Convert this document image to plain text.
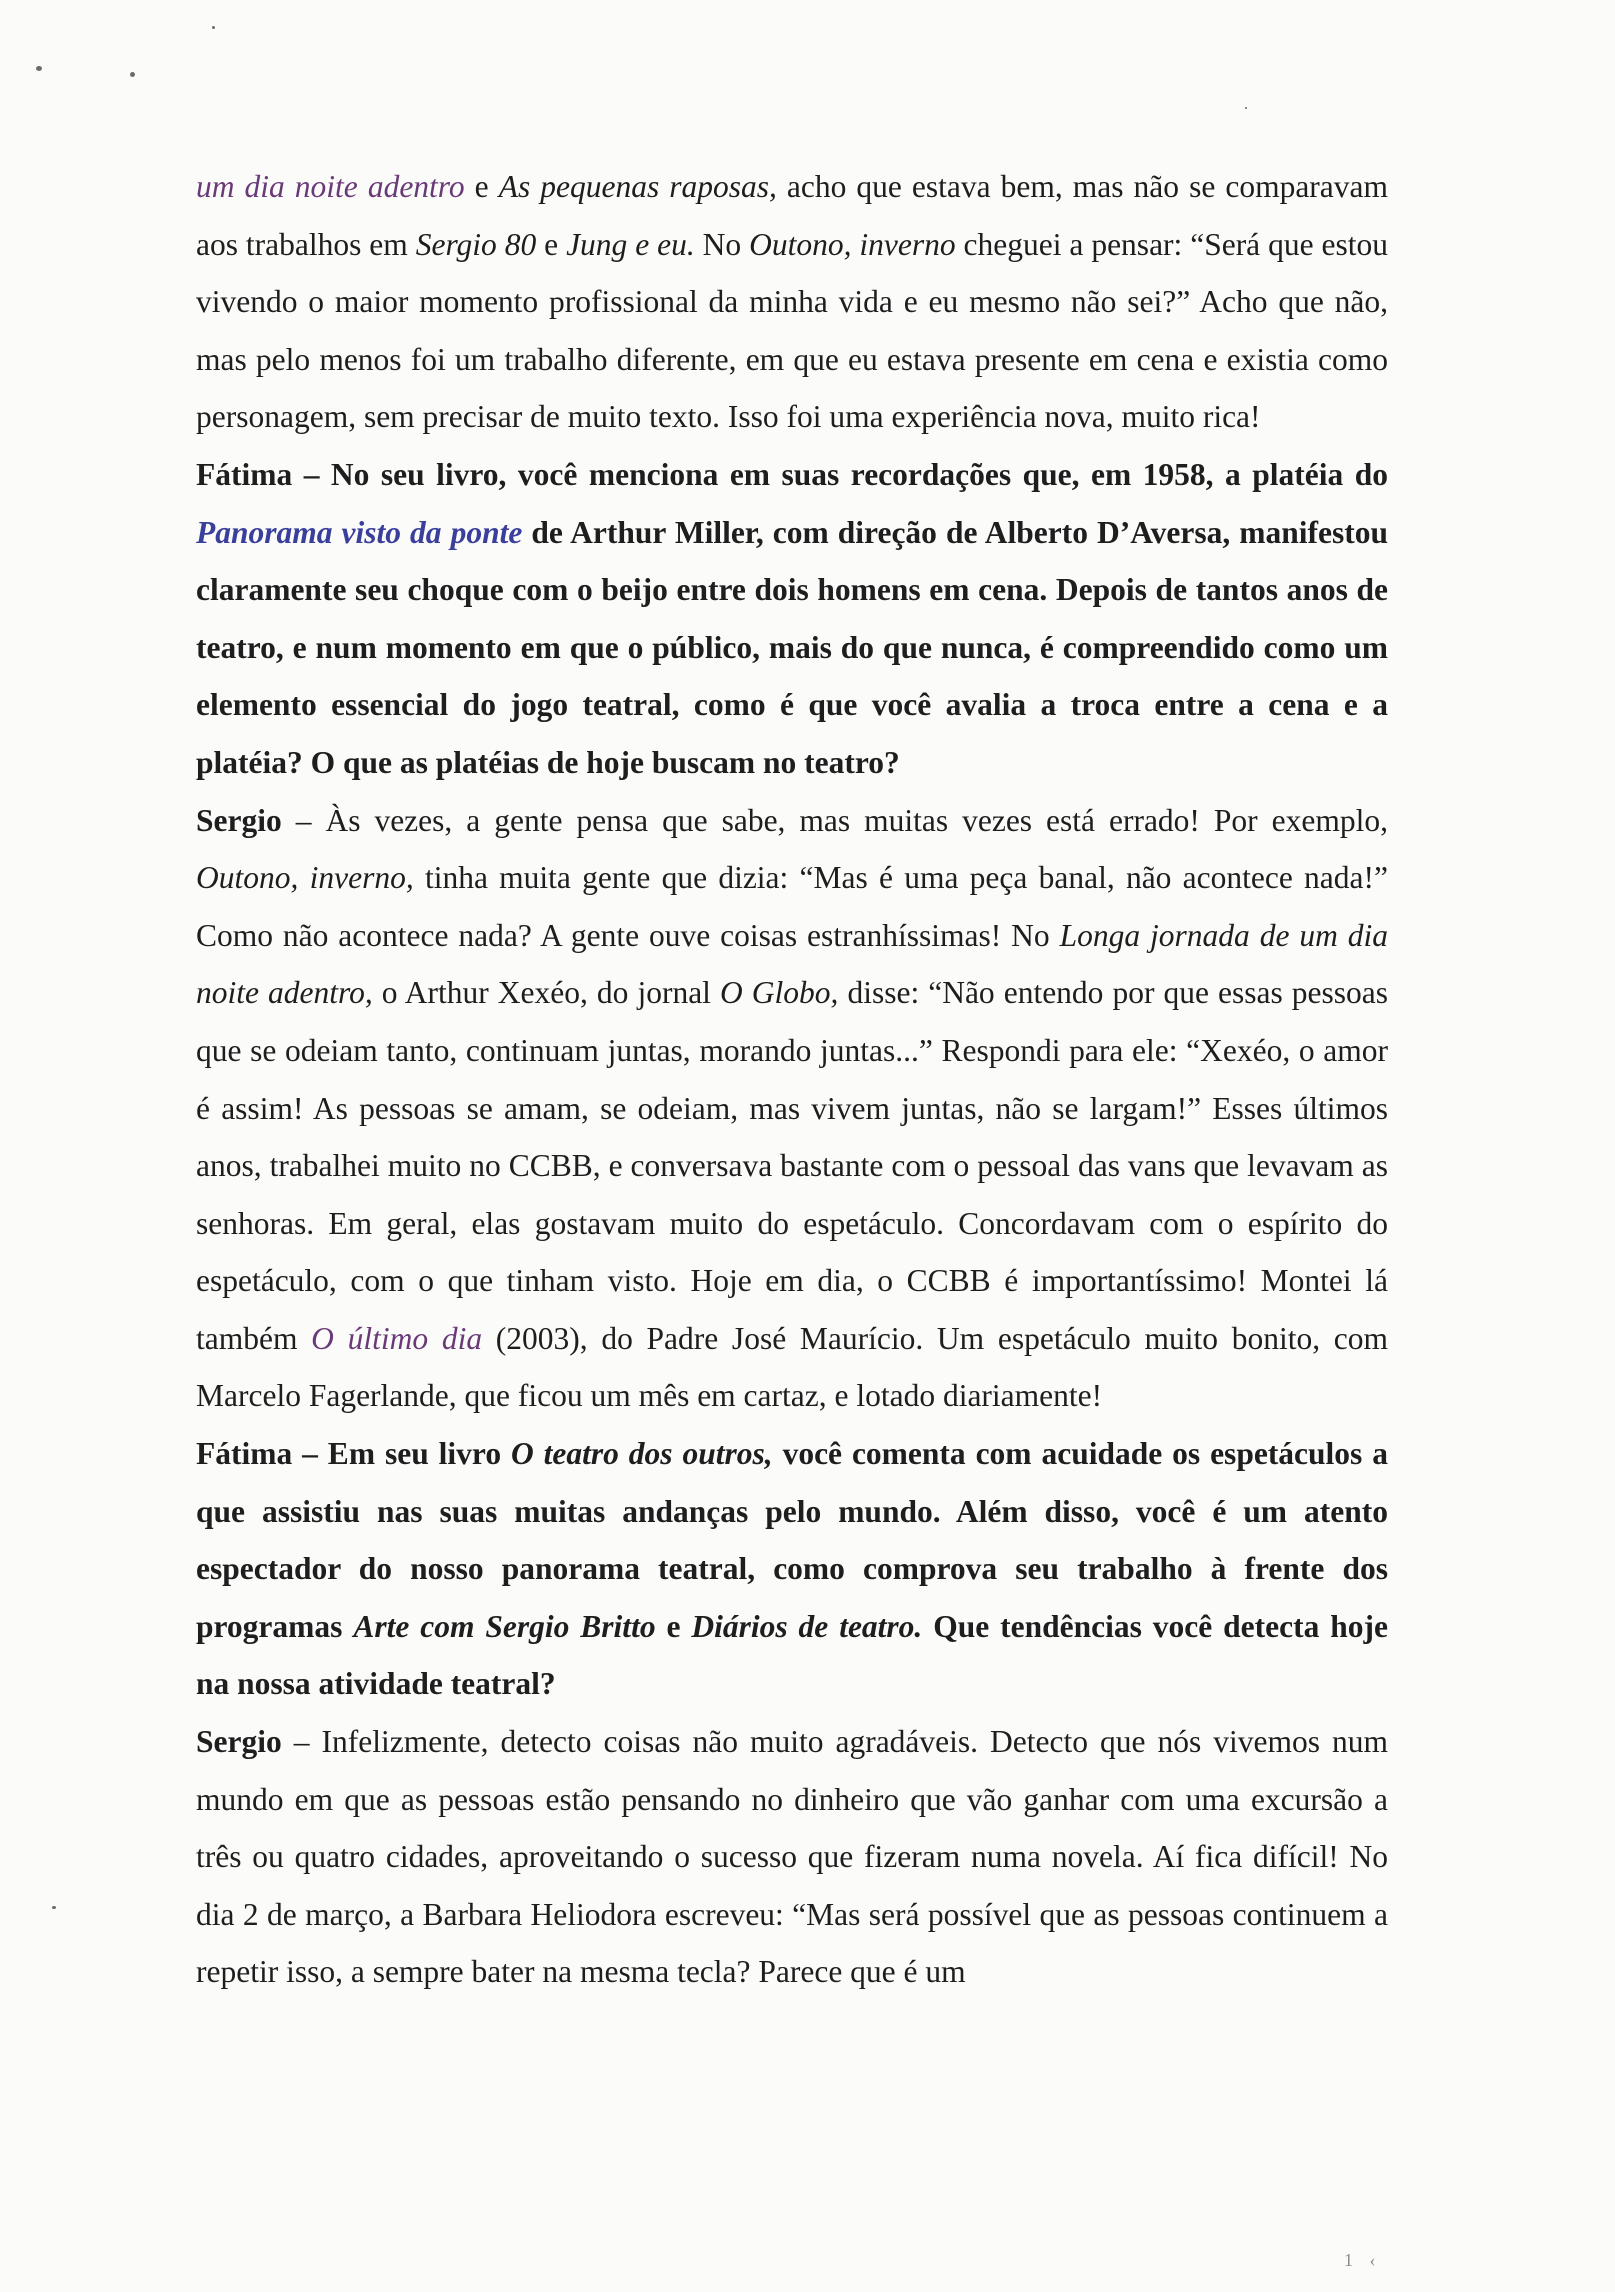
um dia noite adentro e As pequenas raposas, acho que estava bem, mas não se comparavam aos trabalhos em Sergio 80 e Jung e eu. No Outono, inverno cheguei a pensar: “Será que estou vivendo o maior momento profissional da minha vida e eu mesmo não sei?” Acho que não, mas pelo menos foi um trabalho diferente, em que eu estava presente em cena e existia como personagem, sem precisar de muito texto. Isso foi uma experiência nova, muito rica!

Fátima – No seu livro, você menciona em suas recordações que, em 1958, a platéia do Panorama visto da ponte de Arthur Miller, com direção de Alberto D’Aversa, manifestou claramente seu choque com o beijo entre dois homens em cena. Depois de tantos anos de teatro, e num momento em que o público, mais do que nunca, é compreendido como um elemento essencial do jogo teatral, como é que você avalia a troca entre a cena e a platéia? O que as platéias de hoje buscam no teatro?

Sergio – Às vezes, a gente pensa que sabe, mas muitas vezes está errado! Por exemplo, Outono, inverno, tinha muita gente que dizia: “Mas é uma peça banal, não acontece nada!” Como não acontece nada? A gente ouve coisas estranhíssimas! No Longa jornada de um dia noite adentro, o Arthur Xexéo, do jornal O Globo, disse: “Não entendo por que essas pessoas que se odeiam tanto, continuam juntas, morando juntas...” Respondi para ele: “Xexéo, o amor é assim! As pessoas se amam, se odeiam, mas vivem juntas, não se largam!” Esses últimos anos, trabalhei muito no CCBB, e conversava bastante com o pessoal das vans que levavam as senhoras. Em geral, elas gostavam muito do espetáculo. Concordavam com o espírito do espetáculo, com o que tinham visto. Hoje em dia, o CCBB é importantíssimo! Montei lá também O último dia (2003), do Padre José Maurício. Um espetáculo muito bonito, com Marcelo Fagerlande, que ficou um mês em cartaz, e lotado diariamente!

Fátima – Em seu livro O teatro dos outros, você comenta com acuidade os espetáculos a que assistiu nas suas muitas andanças pelo mundo. Além disso, você é um atento espectador do nosso panorama teatral, como comprova seu trabalho à frente dos programas Arte com Sergio Britto e Diários de teatro. Que tendências você detecta hoje na nossa atividade teatral?

Sergio – Infelizmente, detecto coisas não muito agradáveis. Detecto que nós vivemos num mundo em que as pessoas estão pensando no dinheiro que vão ganhar com uma excursão a três ou quatro cidades, aproveitando o sucesso que fizeram numa novela. Aí fica difícil! No dia 2 de março, a Barbara Heliodora escreveu: “Mas será possível que as pessoas continuem a repetir isso, a sempre bater na mesma tecla? Parece que é um

1 ‹
